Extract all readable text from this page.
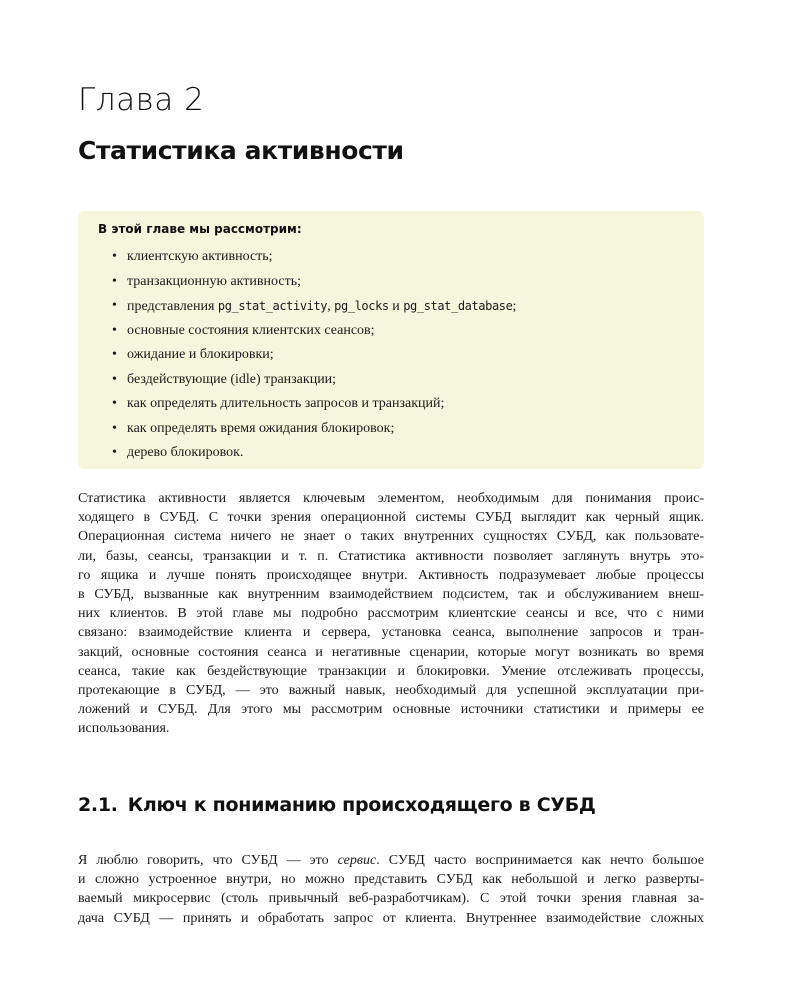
Глава 2
Статистика активности
В этой главе мы рассмотрим:
• клиентскую активность;
• транзакционную активность;
• представления pg_stat_activity, pg_locks и pg_stat_database;
• основные состояния клиентских сеансов;
• ожидание и блокировки;
• бездействующие (idle) транзакции;
• как определять длительность запросов и транзакций;
• как определять время ожидания блокировок;
• дерево блокировок.
Статистика активности является ключевым элементом, необходимым для понимания проис-
ходящего в СУБД. С точки зрения операционной системы СУБД выглядит как черный ящик.
Операционная система ничего не знает о таких внутренних сущностях СУБД, как пользовате-
ли, базы, сеансы, транзакции и т. п. Статистика активности позволяет заглянуть внутрь это-
го ящика и лучше понять происходящее внутри. Активность подразумевает любые процессы
в СУБД, вызванные как внутренним взаимодействием подсистем, так и обслуживанием внеш-
них клиентов. В этой главе мы подробно рассмотрим клиентские сеансы и все, что с ними
связано: взаимодействие клиента и сервера, установка сеанса, выполнение запросов и тран-
закций, основные состояния сеанса и негативные сценарии, которые могут возникать во время
сеанса, такие как бездействующие транзакции и блокировки. Умение отслеживать процессы,
протекающие в СУБД, — это важный навык, необходимый для успешной эксплуатации при-
ложений и СУБД. Для этого мы рассмотрим основные источники статистики и примеры ее
использования.
2.1. Ключ к пониманию происходящего в СУБД
Я люблю говорить, что СУБД — это сервис. СУБД часто воспринимается как нечто большое
и сложно устроенное внутри, но можно представить СУБД как небольшой и легко разверты-
ваемый микросервис (столь привычный веб-разработчикам). С этой точки зрения главная за-
дача СУБД — принять и обработать запрос от клиента. Внутреннее взаимодействие сложных
